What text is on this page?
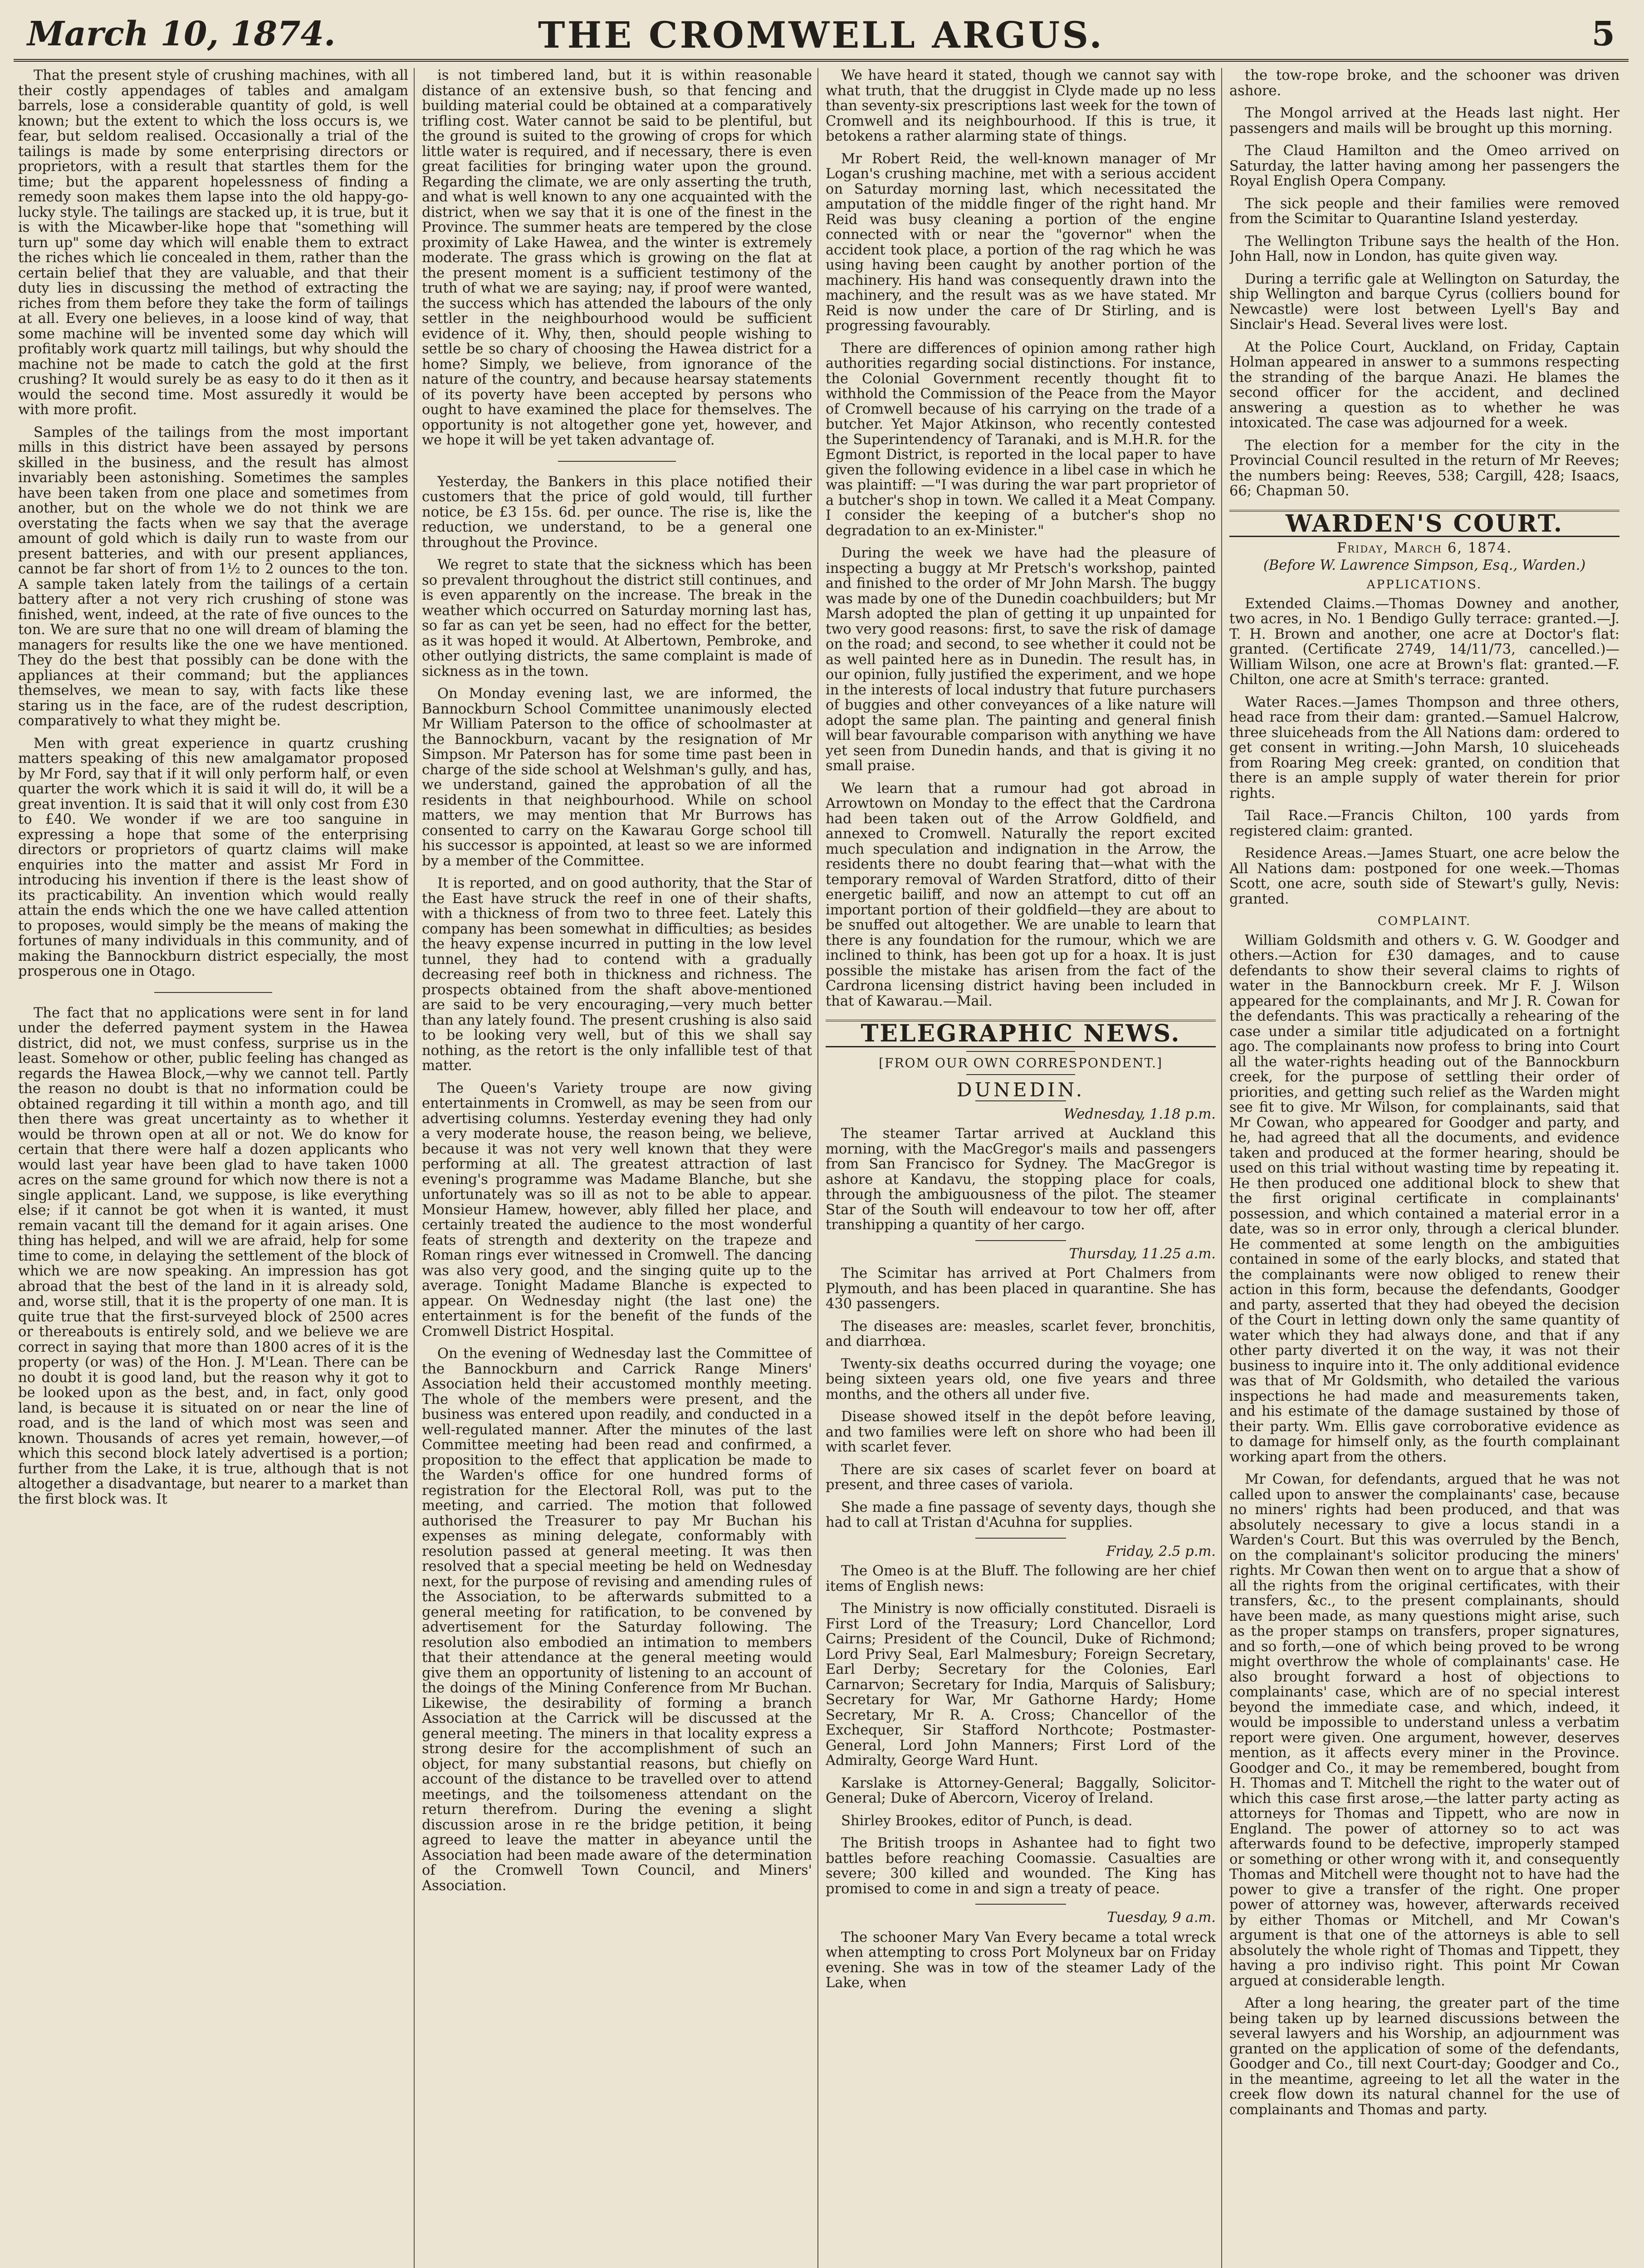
March 10, 1874.	THE CROMWELL ARGUS.	5

That the present style of crushing machines, with all their costly appendages of tables and amalgam barrels, lose a considerable quantity of gold, is well known; but the extent to which the loss occurs is, we fear, but seldom realised. Occasionally a trial of the tailings is made by some enterprising directors or proprietors, with a result that startles them for the time; but the apparent hopelessness of finding a remedy soon makes them lapse into the old happy-go-lucky style. The tailings are stacked up, it is true, but it is with the Micawber-like hope that "something will turn up" some day which will enable them to extract the riches which lie concealed in them, rather than the certain belief that they are valuable, and that their duty lies in discussing the method of extracting the riches from them before they take the form of tailings at all. Every one believes, in a loose kind of way, that some machine will be invented some day which will profitably work quartz mill tailings, but why should the machine not be made to catch the gold at the first crushing? It would surely be as easy to do it then as it would the second time. Most assuredly it would be with more profit.

Samples of the tailings from the most important mills in this district have been assayed by persons skilled in the business, and the result has almost invariably been astonishing. Sometimes the samples have been taken from one place and sometimes from another, but on the whole we do not think we are overstating the facts when we say that the average amount of gold which is daily run to waste from our present batteries, and with our present appliances, cannot be far short of from 1½ to 2 ounces to the ton. A sample taken lately from the tailings of a certain battery after a not very rich crushing of stone was finished, went, indeed, at the rate of five ounces to the ton. We are sure that no one will dream of blaming the managers for results like the one we have mentioned. They do the best that possibly can be done with the appliances at their command; but the appliances themselves, we mean to say, with facts like these staring us in the face, are of the rudest description, comparatively to what they might be.

Men with great experience in quartz crushing matters speaking of this new amalgamator proposed by Mr Ford, say that if it will only perform half, or even quarter the work which it is said it will do, it will be a great invention. It is said that it will only cost from £30 to £40. We wonder if we are too sanguine in expressing a hope that some of the enterprising directors or proprietors of quartz claims will make enquiries into the matter and assist Mr Ford in introducing his invention if there is the least show of its practicability. An invention which would really attain the ends which the one we have called attention to proposes, would simply be the means of making the fortunes of many individuals in this community, and of making the Bannockburn district especially, the most prosperous one in Otago.

The fact that no applications were sent in for land under the deferred payment system in the Hawea district, did not, we must confess, surprise us in the least. Somehow or other, public feeling has changed as regards the Hawea Block,—why we cannot tell. Partly the reason no doubt is that no information could be obtained regarding it till within a month ago, and till then there was great uncertainty as to whether it would be thrown open at all or not. We do know for certain that there were half a dozen applicants who would last year have been glad to have taken 1000 acres on the same ground for which now there is not a single applicant. Land, we suppose, is like everything else; if it cannot be got when it is wanted, it must remain vacant till the demand for it again arises. One thing has helped, and will we are afraid, help for some time to come, in delaying the settlement of the block of which we are now speaking. An impression has got abroad that the best of the land in it is already sold, and, worse still, that it is the property of one man. It is quite true that the first-surveyed block of 2500 acres or thereabouts is entirely sold, and we believe we are correct in saying that more than 1800 acres of it is the property (or was) of the Hon. J. M'Lean. There can be no doubt it is good land, but the reason why it got to be looked upon as the best, and, in fact, only good land, is because it is situated on or near the line of road, and is the land of which most was seen and known. Thousands of acres yet remain, however,—of which this second block lately advertised is a portion; further from the Lake, it is true, although that is not altogether a disadvantage, but nearer to a market than the first block was. It

is not timbered land, but it is within reasonable distance of an extensive bush, so that fencing and building material could be obtained at a comparatively trifling cost. Water cannot be said to be plentiful, but the ground is suited to the growing of crops for which little water is required, and if necessary, there is even great facilities for bringing water upon the ground. Regarding the climate, we are only asserting the truth, and what is well known to any one acquainted with the district, when we say that it is one of the finest in the Province. The summer heats are tempered by the close proximity of Lake Hawea, and the winter is extremely moderate. The grass which is growing on the flat at the present moment is a sufficient testimony of the truth of what we are saying; nay, if proof were wanted, the success which has attended the labours of the only settler in the neighbourhood would be sufficient evidence of it. Why, then, should people wishing to settle be so chary of choosing the Hawea district for a home? Simply, we believe, from ignorance of the nature of the country, and because hearsay statements of its poverty have been accepted by persons who ought to have examined the place for themselves. The opportunity is not altogether gone yet, however, and we hope it will be yet taken advantage of.

Yesterday, the Bankers in this place notified their customers that the price of gold would, till further notice, be £3 15s. 6d. per ounce. The rise is, like the reduction, we understand, to be a general one throughout the Province.

We regret to state that the sickness which has been so prevalent throughout the district still continues, and is even apparently on the increase. The break in the weather which occurred on Saturday morning last has, so far as can yet be seen, had no effect for the better, as it was hoped it would. At Albertown, Pembroke, and other outlying districts, the same complaint is made of sickness as in the town.

On Monday evening last, we are informed, the Bannockburn School Committee unanimously elected Mr William Paterson to the office of schoolmaster at the Bannockburn, vacant by the resignation of Mr Simpson. Mr Paterson has for some time past been in charge of the side school at Welshman's gully, and has, we understand, gained the approbation of all the residents in that neighbourhood. While on school matters, we may mention that Mr Burrows has consented to carry on the Kawarau Gorge school till his successor is appointed, at least so we are informed by a member of the Committee.

It is reported, and on good authority, that the Star of the East have struck the reef in one of their shafts, with a thickness of from two to three feet. Lately this company has been somewhat in difficulties; as besides the heavy expense incurred in putting in the low level tunnel, they had to contend with a gradually decreasing reef both in thickness and richness. The prospects obtained from the shaft above-mentioned are said to be very encouraging,—very much better than any lately found. The present crushing is also said to be looking very well, but of this we shall say nothing, as the retort is the only infallible test of that matter.

The Queen's Variety troupe are now giving entertainments in Cromwell, as may be seen from our advertising columns. Yesterday evening they had only a very moderate house, the reason being, we believe, because it was not very well known that they were performing at all. The greatest attraction of last evening's programme was Madame Blanche, but she unfortunately was so ill as not to be able to appear. Monsieur Hamew, however, ably filled her place, and certainly treated the audience to the most wonderful feats of strength and dexterity on the trapeze and Roman rings ever witnessed in Cromwell. The dancing was also very good, and the singing quite up to the average. Tonight Madame Blanche is expected to appear. On Wednesday night (the last one) the entertainment is for the benefit of the funds of the Cromwell District Hospital.

On the evening of Wednesday last the Committee of the Bannockburn and Carrick Range Miners' Association held their accustomed monthly meeting. The whole of the members were present, and the business was entered upon readily, and conducted in a well-regulated manner. After the minutes of the last Committee meeting had been read and confirmed, a proposition to the effect that application be made to the Warden's office for one hundred forms of registration for the Electoral Roll, was put to the meeting, and carried. The motion that followed authorised the Treasurer to pay Mr Buchan his expenses as mining delegate, conformably with resolution passed at general meeting. It was then resolved that a special meeting be held on Wednesday next, for the purpose of revising and amending rules of the Association, to be afterwards submitted to a general meeting for ratification, to be convened by advertisement for the Saturday following. The resolution also embodied an intimation to members that their attendance at the general meeting would give them an opportunity of listening to an account of the doings of the Mining Conference from Mr Buchan. Likewise, the desirability of forming a branch Association at the Carrick will be discussed at the general meeting. The miners in that locality express a strong desire for the accomplishment of such an object, for many substantial reasons, but chiefly on account of the distance to be travelled over to attend meetings, and the toilsomeness attendant on the return therefrom. During the evening a slight discussion arose in re the bridge petition, it being agreed to leave the matter in abeyance until the Association had been made aware of the determination of the Cromwell Town Council, and Miners' Association.

We have heard it stated, though we cannot say with what truth, that the druggist in Clyde made up no less than seventy-six prescriptions last week for the town of Cromwell and its neighbourhood. If this is true, it betokens a rather alarming state of things.

Mr Robert Reid, the well-known manager of Mr Logan's crushing machine, met with a serious accident on Saturday morning last, which necessitated the amputation of the middle finger of the right hand. Mr Reid was busy cleaning a portion of the engine connected with or near the "governor" when the accident took place, a portion of the rag which he was using having been caught by another portion of the machinery. His hand was consequently drawn into the machinery, and the result was as we have stated. Mr Reid is now under the care of Dr Stirling, and is progressing favourably.

There are differences of opinion among rather high authorities regarding social distinctions. For instance, the Colonial Government recently thought fit to withhold the Commission of the Peace from the Mayor of Cromwell because of his carrying on the trade of a butcher. Yet Major Atkinson, who recently contested the Superintendency of Taranaki, and is M.H.R. for the Egmont District, is reported in the local paper to have given the following evidence in a libel case in which he was plaintiff: —"I was during the war part proprietor of a butcher's shop in town. We called it a Meat Company. I consider the keeping of a butcher's shop no degradation to an ex-Minister."

During the week we have had the pleasure of inspecting a buggy at Mr Pretsch's workshop, painted and finished to the order of Mr John Marsh. The buggy was made by one of the Dunedin coachbuilders; but Mr Marsh adopted the plan of getting it up unpainted for two very good reasons: first, to save the risk of damage on the road; and second, to see whether it could not be as well painted here as in Dunedin. The result has, in our opinion, fully justified the experiment, and we hope in the interests of local industry that future purchasers of buggies and other conveyances of a like nature will adopt the same plan. The painting and general finish will bear favourable comparison with anything we have yet seen from Dunedin hands, and that is giving it no small praise.

We learn that a rumour had got abroad in Arrowtown on Monday to the effect that the Cardrona had been taken out of the Arrow Goldfield, and annexed to Cromwell. Naturally the report excited much speculation and indignation in the Arrow, the residents there no doubt fearing that—what with the temporary removal of Warden Stratford, ditto of their energetic bailiff, and now an attempt to cut off an important portion of their goldfield—they are about to be snuffed out altogether. We are unable to learn that there is any foundation for the rumour, which we are inclined to think, has been got up for a hoax. It is just possible the mistake has arisen from the fact of the Cardrona licensing district having been included in that of Kawarau.—Mail.

TELEGRAPHIC NEWS.
[FROM OUR OWN CORRESPONDENT.]
DUNEDIN.
Wednesday, 1.18 p.m.

The steamer Tartar arrived at Auckland this morning, with the MacGregor's mails and passengers from San Francisco for Sydney. The MacGregor is ashore at Kandavu, the stopping place for coals, through the ambiguousness of the pilot. The steamer Star of the South will endeavour to tow her off, after transhipping a quantity of her cargo.

Thursday, 11.25 a.m.

The Scimitar has arrived at Port Chalmers from Plymouth, and has been placed in quarantine. She has 430 passengers.

The diseases are: measles, scarlet fever, bronchitis, and diarrhœa.

Twenty-six deaths occurred during the voyage; one being sixteen years old, one five years and three months, and the others all under five.

Disease showed itself in the depôt before leaving, and two families were left on shore who had been ill with scarlet fever.

There are six cases of scarlet fever on board at present, and three cases of variola.

She made a fine passage of seventy days, though she had to call at Tristan d'Acuhna for supplies.

Friday, 2.5 p.m.

The Omeo is at the Bluff. The following are her chief items of English news:

The Ministry is now officially constituted. Disraeli is First Lord of the Treasury; Lord Chancellor, Lord Cairns; President of the Council, Duke of Richmond; Lord Privy Seal, Earl Malmesbury; Foreign Secretary, Earl Derby; Secretary for the Colonies, Earl Carnarvon; Secretary for India, Marquis of Salisbury; Secretary for War, Mr Gathorne Hardy; Home Secretary, Mr R. A. Cross; Chancellor of the Exchequer, Sir Stafford Northcote; Postmaster-General, Lord John Manners; First Lord of the Admiralty, George Ward Hunt.

Karslake is Attorney-General; Baggally, Solicitor-General; Duke of Abercorn, Viceroy of Ireland.

Shirley Brookes, editor of Punch, is dead.

The British troops in Ashantee had to fight two battles before reaching Coomassie. Casualties are severe; 300 killed and wounded. The King has promised to come in and sign a treaty of peace.

Tuesday, 9 a.m.

The schooner Mary Van Every became a total wreck when attempting to cross Port Molyneux bar on Friday evening. She was in tow of the steamer Lady of the Lake, when

the tow-rope broke, and the schooner was driven ashore.

The Mongol arrived at the Heads last night. Her passengers and mails will be brought up this morning.

The Claud Hamilton and the Omeo arrived on Saturday, the latter having among her passengers the Royal English Opera Company.

The sick people and their families were removed from the Scimitar to Quarantine Island yesterday.

The Wellington Tribune says the health of the Hon. John Hall, now in London, has quite given way.

During a terrific gale at Wellington on Saturday, the ship Wellington and barque Cyrus (colliers bound for Newcastle) were lost between Lyell's Bay and Sinclair's Head. Several lives were lost.

At the Police Court, Auckland, on Friday, Captain Holman appeared in answer to a summons respecting the stranding of the barque Anazi. He blames the second officer for the accident, and declined answering a question as to whether he was intoxicated. The case was adjourned for a week.

The election for a member for the city in the Provincial Council resulted in the return of Mr Reeves; the numbers being: Reeves, 538; Cargill, 428; Isaacs, 66; Chapman 50.

WARDEN'S COURT.
Friday, March 6, 1874.
(Before W. Lawrence Simpson, Esq., Warden.)
APPLICATIONS.

Extended Claims.—Thomas Downey and another, two acres, in No. 1 Bendigo Gully terrace: granted.—J. T. H. Brown and another, one acre at Doctor's flat: granted. (Certificate 2749, 14/11/73, cancelled.)—William Wilson, one acre at Brown's flat: granted.—F. Chilton, one acre at Smith's terrace: granted.

Water Races.—James Thompson and three others, head race from their dam: granted.—Samuel Halcrow, three sluiceheads from the All Nations dam: ordered to get consent in writing.—John Marsh, 10 sluiceheads from Roaring Meg creek: granted, on condition that there is an ample supply of water therein for prior rights.

Tail Race.—Francis Chilton, 100 yards from registered claim: granted.

Residence Areas.—James Stuart, one acre below the All Nations dam: postponed for one week.—Thomas Scott, one acre, south side of Stewart's gully, Nevis: granted.

COMPLAINT.

William Goldsmith and others v. G. W. Goodger and others.—Action for £30 damages, and to cause defendants to show their several claims to rights of water in the Bannockburn creek. Mr F. J. Wilson appeared for the complainants, and Mr J. R. Cowan for the defendants. This was practically a rehearing of the case under a similar title adjudicated on a fortnight ago. The complainants now profess to bring into Court all the water-rights heading out of the Bannockburn creek, for the purpose of settling their order of priorities, and getting such relief as the Warden might see fit to give. Mr Wilson, for complainants, said that Mr Cowan, who appeared for Goodger and party, and he, had agreed that all the documents, and evidence taken and produced at the former hearing, should be used on this trial without wasting time by repeating it. He then produced one additional block to shew that the first original certificate in complainants' possession, and which contained a material error in a date, was so in error only, through a clerical blunder. He commented at some length on the ambiguities contained in some of the early blocks, and stated that the complainants were now obliged to renew their action in this form, because the defendants, Goodger and party, asserted that they had obeyed the decision of the Court in letting down only the same quantity of water which they had always done, and that if any other party diverted it on the way, it was not their business to inquire into it. The only additional evidence was that of Mr Goldsmith, who detailed the various inspections he had made and measurements taken, and his estimate of the damage sustained by those of their party. Wm. Ellis gave corroborative evidence as to damage for himself only, as the fourth complainant working apart from the others.

Mr Cowan, for defendants, argued that he was not called upon to answer the complainants' case, because no miners' rights had been produced, and that was absolutely necessary to give a locus standi in a Warden's Court. But this was overruled by the Bench, on the complainant's solicitor producing the miners' rights. Mr Cowan then went on to argue that a show of all the rights from the original certificates, with their transfers, &c., to the present complainants, should have been made, as many questions might arise, such as the proper stamps on transfers, proper signatures, and so forth,—one of which being proved to be wrong might overthrow the whole of complainants' case. He also brought forward a host of objections to complainants' case, which are of no special interest beyond the immediate case, and which, indeed, it would be impossible to understand unless a verbatim report were given. One argument, however, deserves mention, as it affects every miner in the Province. Goodger and Co., it may be remembered, bought from H. Thomas and T. Mitchell the right to the water out of which this case first arose,—the latter party acting as attorneys for Thomas and Tippett, who are now in England. The power of attorney so to act was afterwards found to be defective, improperly stamped or something or other wrong with it, and consequently Thomas and Mitchell were thought not to have had the power to give a transfer of the right. One proper power of attorney was, however, afterwards received by either Thomas or Mitchell, and Mr Cowan's argument is that one of the attorneys is able to sell absolutely the whole right of Thomas and Tippett, they having a pro indiviso right. This point Mr Cowan argued at considerable length.

After a long hearing, the greater part of the time being taken up by learned discussions between the several lawyers and his Worship, an adjournment was granted on the application of some of the defendants, Goodger and Co., till next Court-day; Goodger and Co., in the meantime, agreeing to let all the water in the creek flow down its natural channel for the use of complainants and Thomas and party.
